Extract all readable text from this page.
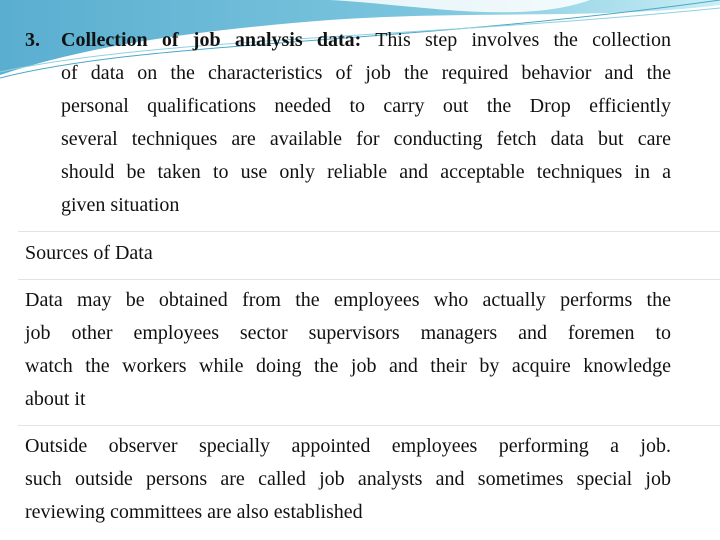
3. Collection of job analysis data: This step involves the collection
of data on the characteristics of job the required behavior and the
personal qualifications needed to carry out the Drop efficiently
several techniques are available for conducting fetch data but care
should be taken to use only reliable and acceptable techniques in a
given situation
Sources of Data
Data may be obtained from the employees who actually performs the
job other employees sector supervisors managers and foremen to
watch the workers while doing the job and their by acquire knowledge
about it
Outside observer specially appointed employees performing a job.
such outside persons are called job analysts and sometimes special job
reviewing committees are also established
